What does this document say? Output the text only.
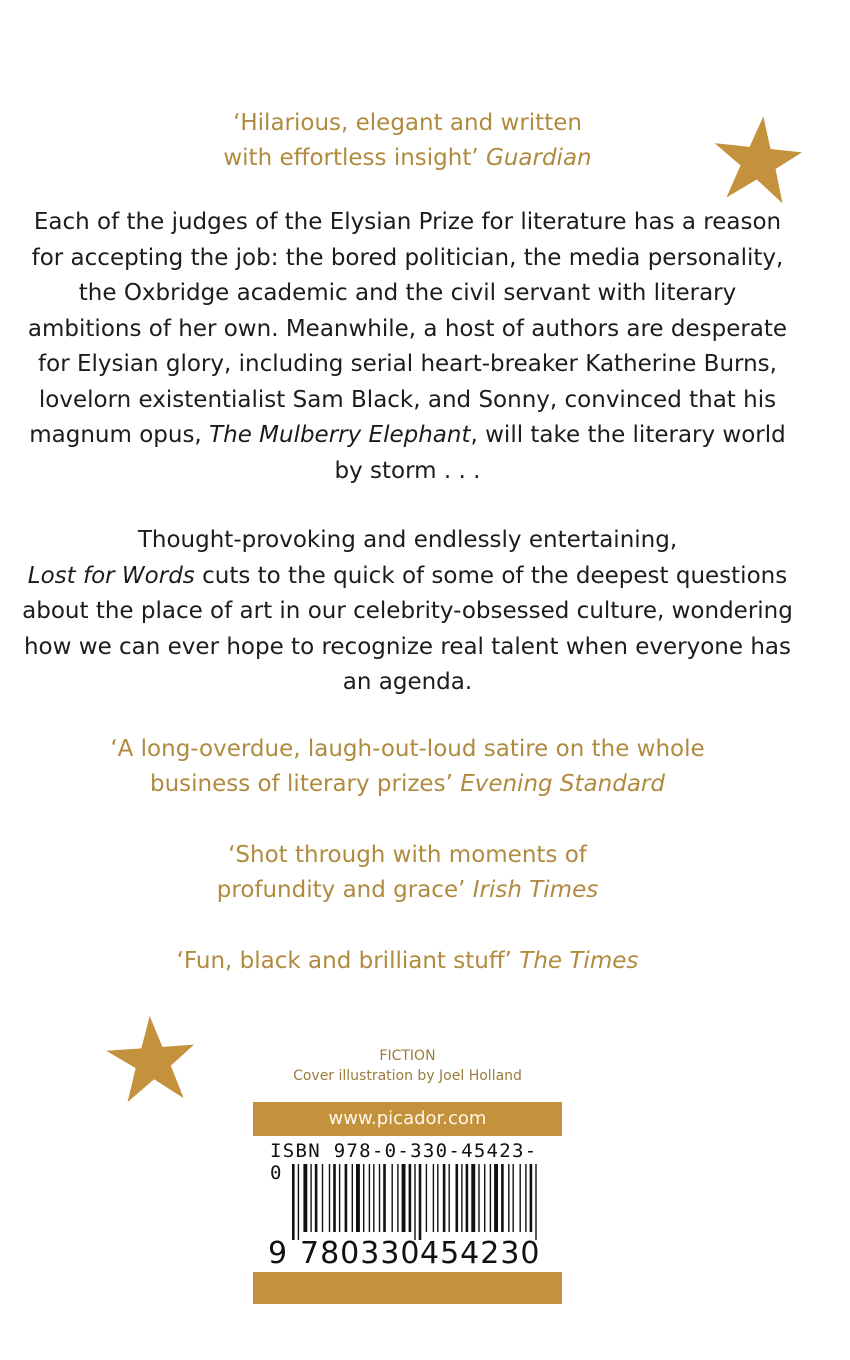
‘Hilarious, elegant and written with effortless insight’ Guardian
Each of the judges of the Elysian Prize for literature has a reason for accepting the job: the bored politician, the media personality, the Oxbridge academic and the civil servant with literary ambitions of her own. Meanwhile, a host of authors are desperate for Elysian glory, including serial heart-breaker Katherine Burns, lovelorn existentialist Sam Black, and Sonny, convinced that his magnum opus, The Mulberry Elephant, will take the literary world by storm . . .
Thought-provoking and endlessly entertaining,
Lost for Words cuts to the quick of some of the deepest questions about the place of art in our celebrity-obsessed culture, wondering how we can ever hope to recognize real talent when everyone has an agenda.
‘A long-overdue, laugh-out-loud satire on the whole business of literary prizes’ Evening Standard
‘Shot through with moments of profundity and grace’ Irish Times
‘Fun, black and brilliant stuff’ The Times
FICTION
Cover illustration by Joel Holland
www.picador.com
ISBN 978-0-330-45423-0
9 780330 454230
